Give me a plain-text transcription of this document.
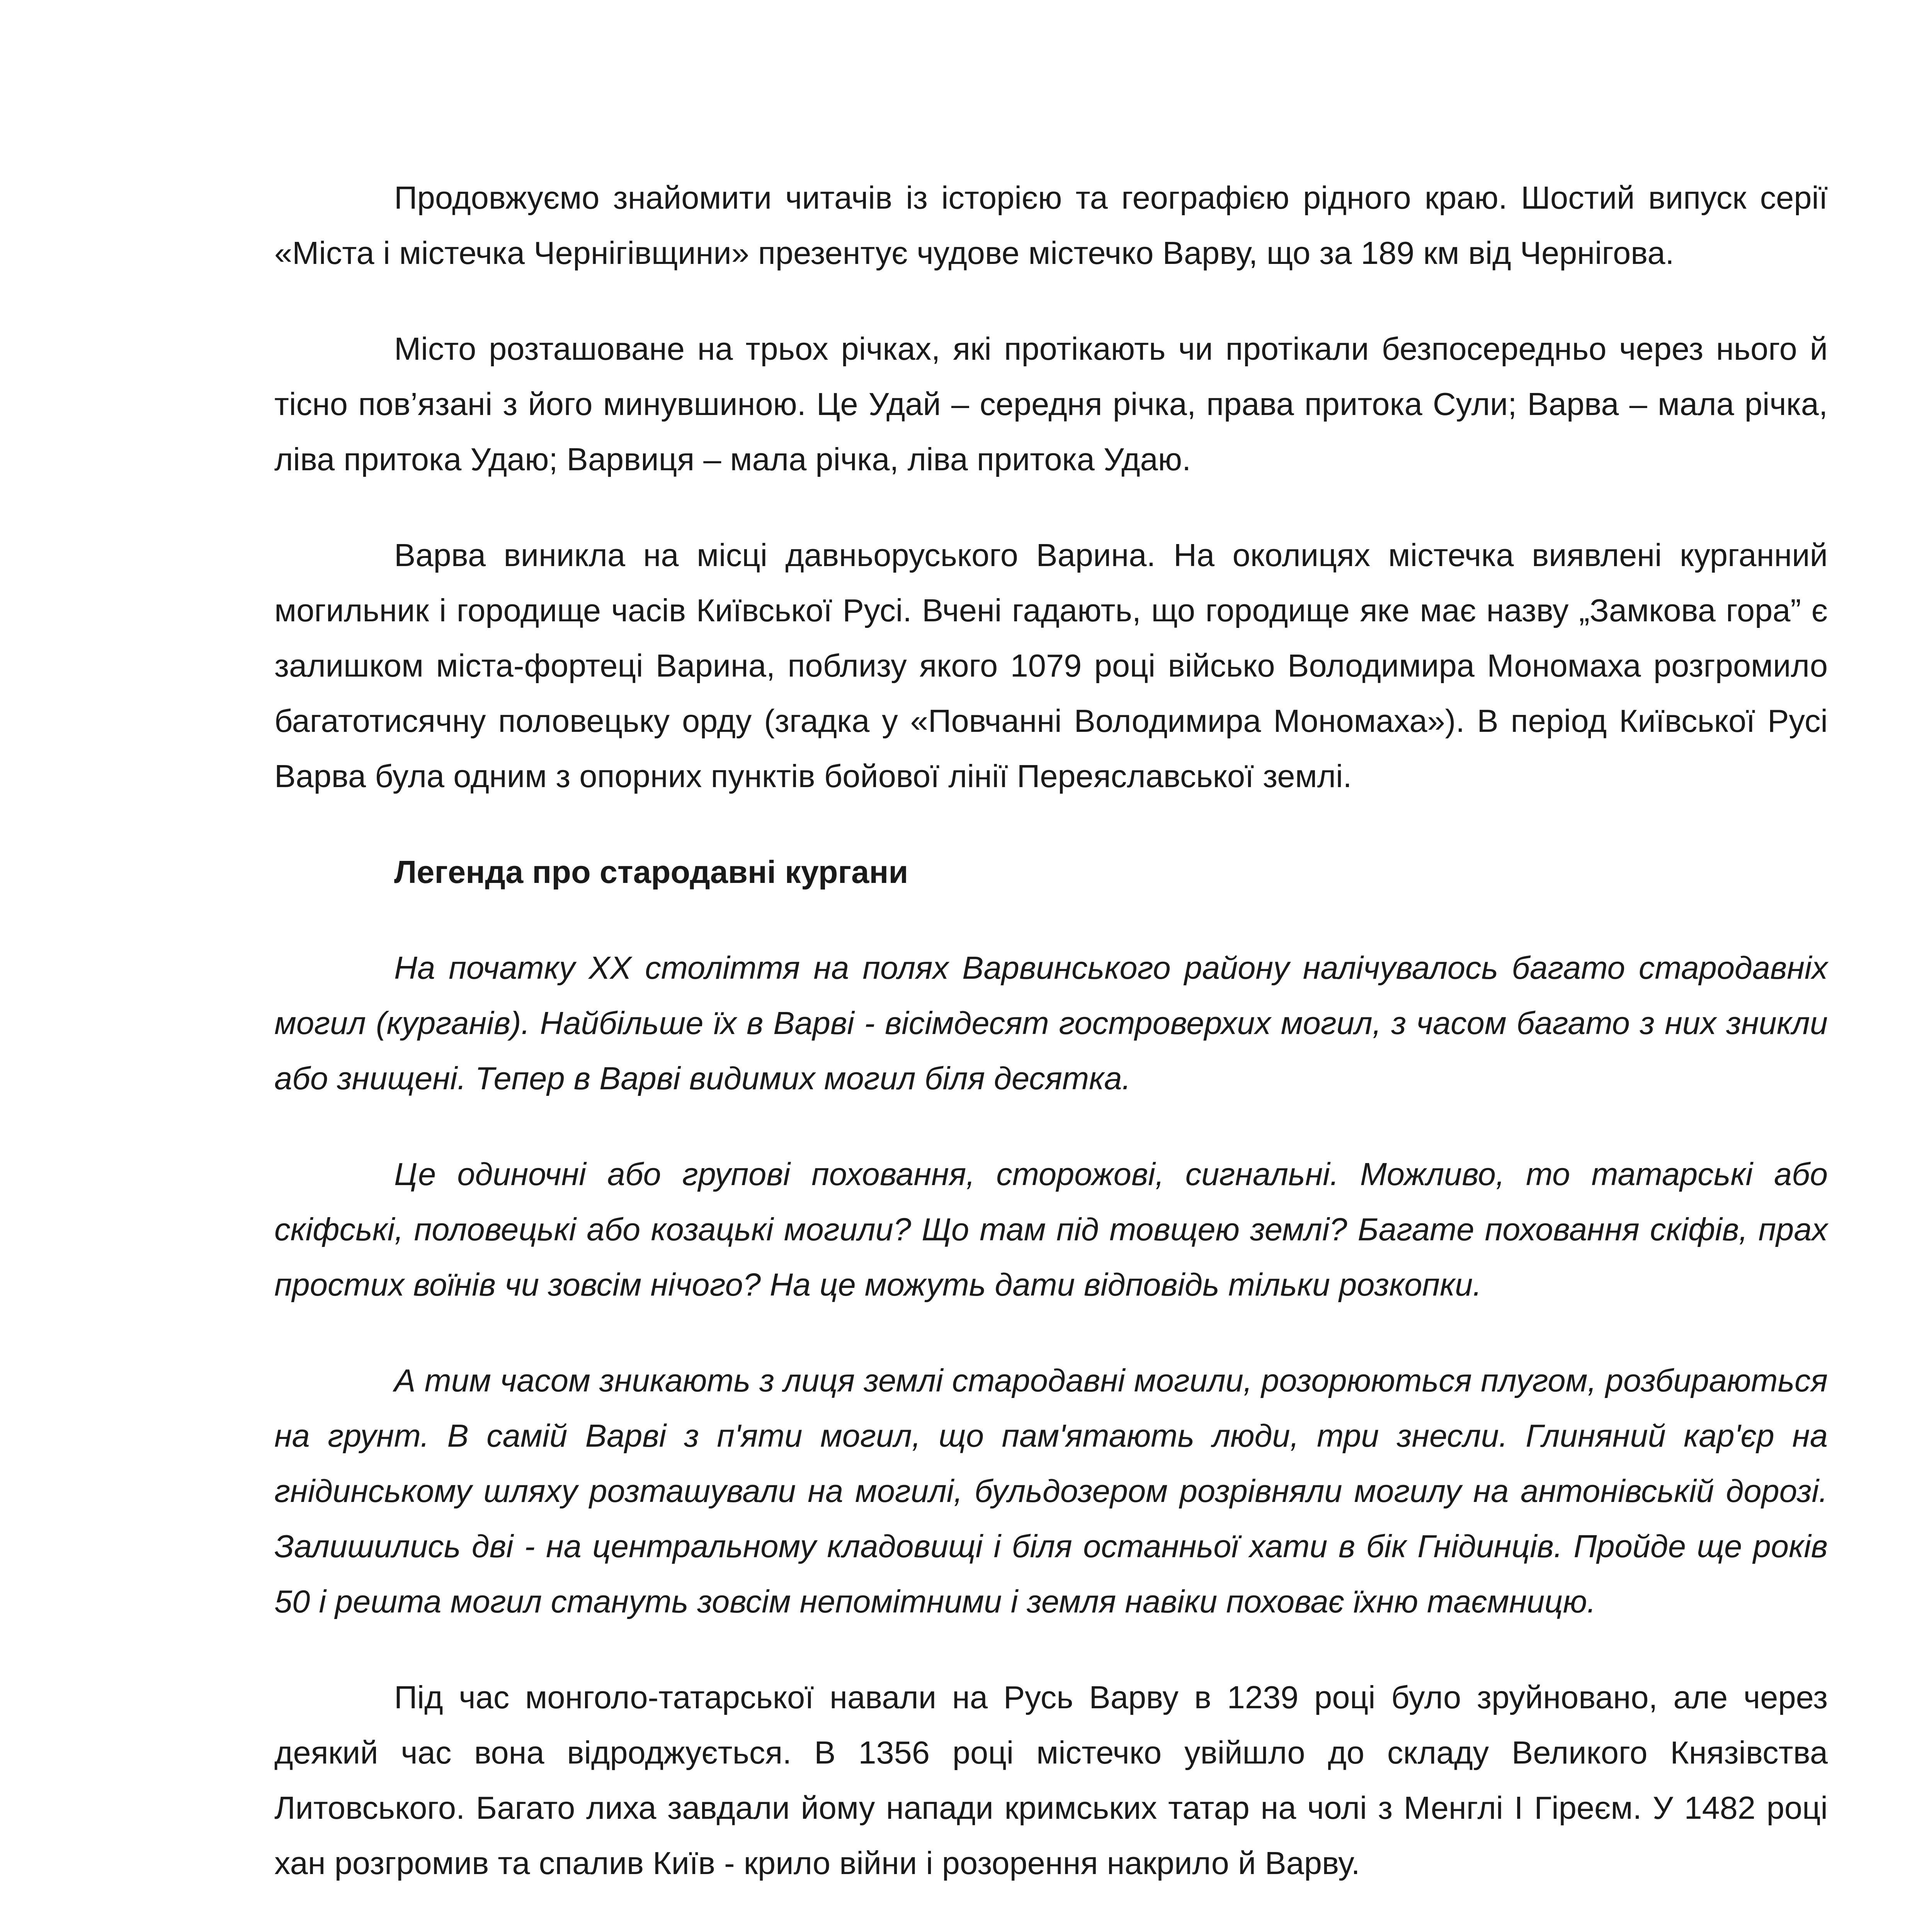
Продовжуємо знайомити читачів із історією та географією рідного краю. Шостий випуск серії «Міста і містечка Чернігівщини» презентує чудове містечко Варву, що за 189 км від Чернігова.

Місто розташоване на трьох річках, які протікають чи протікали безпосередньо через нього й тісно пов’язані з його минувшиною. Це Удай – середня річка, права притока Сули; Варва – мала річка, ліва притока Удаю; Варвиця – мала річка, ліва притока Удаю.

Варва виникла на місці давньоруського Варина. На околицях містечка виявлені курганний могильник і городище часів Київської Русі. Вчені гадають, що городище яке має назву „Замкова гора” є залишком міста-фортеці Варина, поблизу якого 1079 році військо Володимира Мономаха розгромило багатотисячну половецьку орду (згадка у «Повчанні Володимира Мономаха»). В період Київської Русі Варва була одним з опорних пунктів бойової лінії Переяславської землі.

Легенда про стародавні кургани

На початку XX століття на полях Варвинського району налічувалось багато стародавніх могил (курганів). Найбільше їх в Варві - вісімдесят гостроверхих могил, з часом багато з них зникли або знищені. Тепер в Варві видимих могил біля десятка.

Це одиночні або групові поховання, сторожові, сигнальні. Можливо, то татарські або скіфські, половецькі або козацькі могили? Що там під товщею землі? Багате поховання скіфів, прах простих воїнів чи зовсім нічого? На це можуть дати відповідь тільки розкопки.

А тим часом зникають з лиця землі стародавні могили, розорюються плугом, розбираються на грунт. В самій Варві з п'яти могил, що пам'ятають люди, три знесли. Глиняний кар'єр на гнідинському шляху розташували на могилі, бульдозером розрівняли могилу на антонівській дорозі. Залишились дві - на центральному кладовищі і біля останньої хати в бік Гнідинців. Пройде ще років 50 і решта могил стануть зовсім непомітними і земля навіки поховає їхню таємницю.

Під час монголо-татарської навали на Русь Варву в 1239 році було зруйновано, але через деякий час вона відроджується. В 1356 році містечко увійшло до складу Великого Князівства Литовського. Багато лиха завдали йому напади кримських татар на чолі з Менглі I Гіреєм. У 1482 році хан розгромив та спалив Київ - крило війни і розорення накрило й Варву.
